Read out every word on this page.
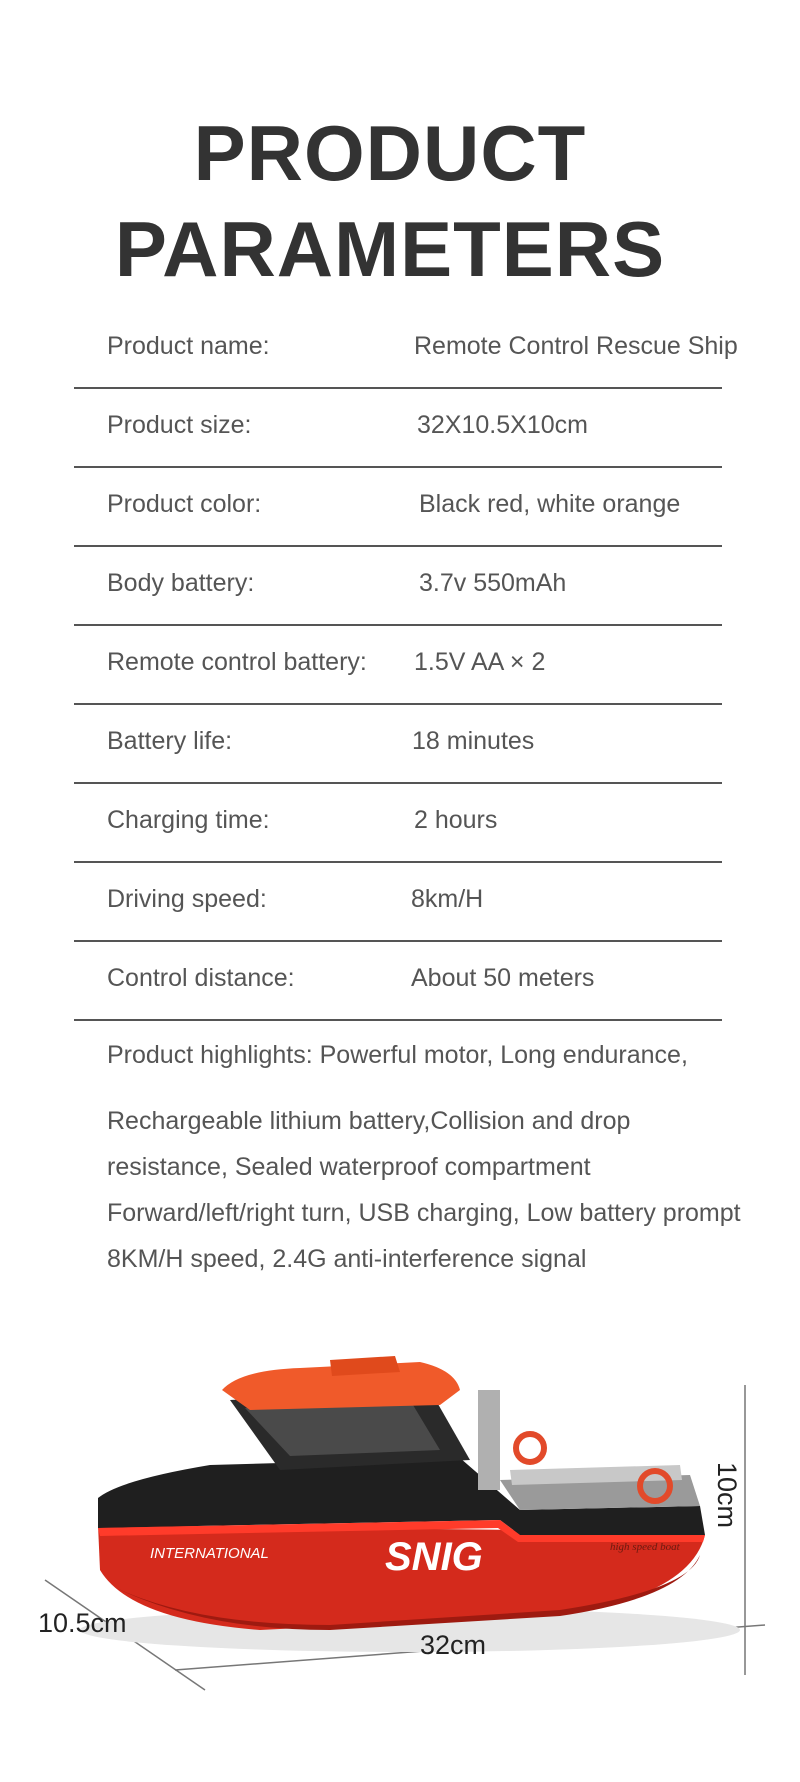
PRODUCT
PARAMETERS
Product name:	Remote Control Rescue Ship
Product size:	32X10.5X10cm
Product color:	Black red, white orange
Body battery:	3.7v 550mAh
Remote control battery: 1.5V AA × 2
Battery life:	18 minutes
Charging time:	2 hours
Driving speed:	8km/H
Control distance:	About 50 meters
Product highlights: Powerful motor, Long endurance,
Rechargeable lithium battery,Collision and drop
resistance, Sealed waterproof compartment
Forward/left/right turn, USB charging, Low battery prompt
8KM/H speed, 2.4G anti-interference signal
INTERNATIONAL	SNIG	high speed boat
10cm
10.5cm
32cm
